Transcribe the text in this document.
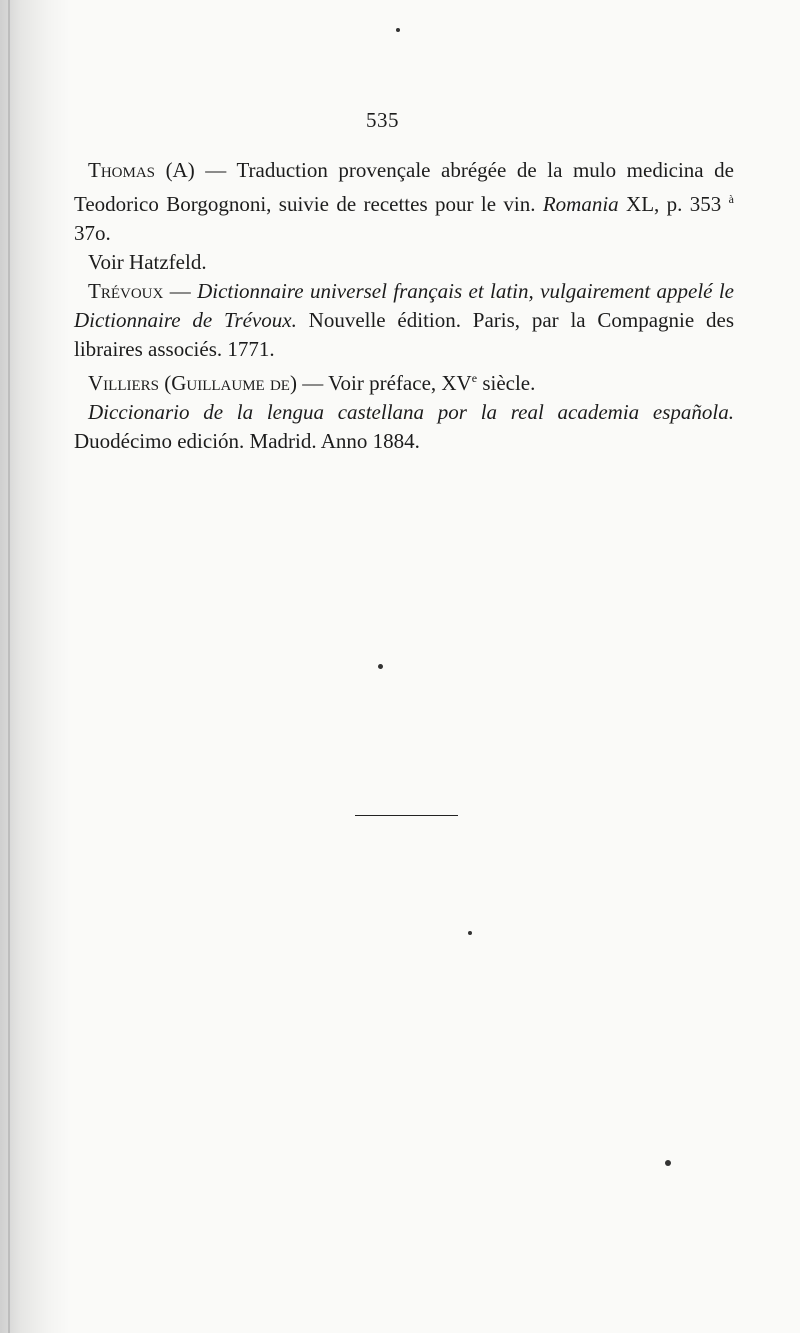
535

Thomas (A) — Traduction provençale abrégée de la mulo medicina de Teodorico Borgognoni, suivie de recettes pour le vin. Romania XL, p. 353 $^à$ 37o.

Voir Hatzfeld.

Trévoux — Dictionnaire universel français et latin, vulgairement appelé le Dictionnaire de Trévoux. Nouvelle édition. Paris, par la Compagnie des libraires associés. 1771.

Villiers (Guillaume de) — Voir préface, XVe siècle.

Diccionario de la lengua castellana por la real academia española. Duodécimo edición. Madrid. Anno 1884.
